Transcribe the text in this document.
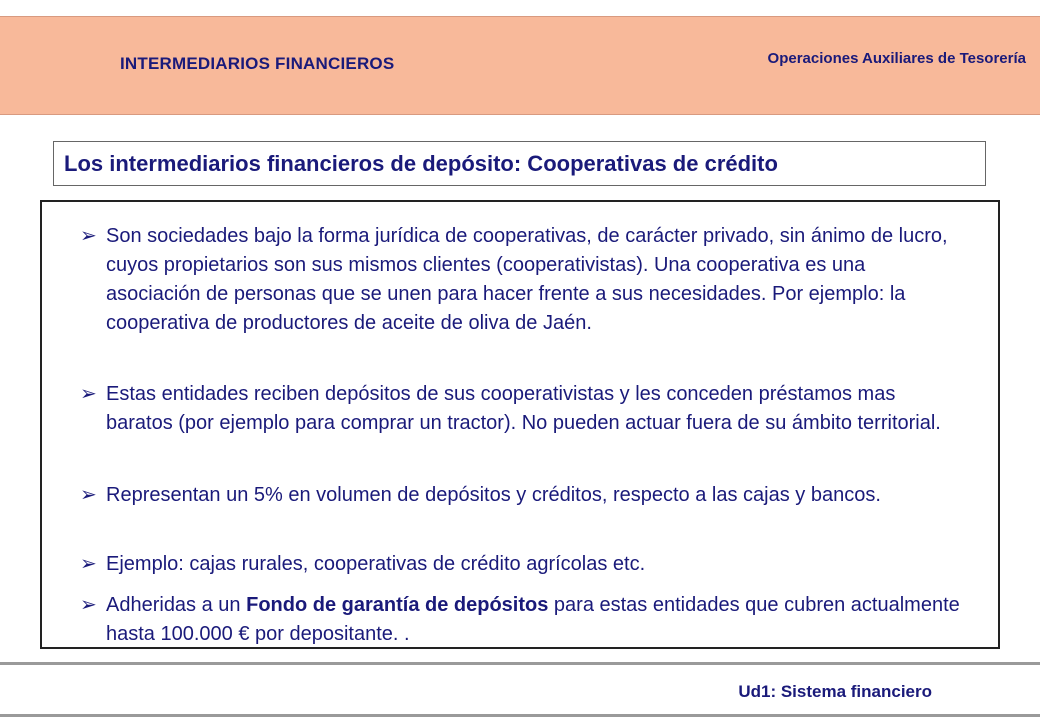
INTERMEDIARIOS FINANCIEROS	Operaciones Auxiliares de Tesorería
Los intermediarios financieros de depósito: Cooperativas de crédito
➢ Son sociedades bajo la forma jurídica de cooperativas, de carácter privado, sin ánimo de lucro, cuyos propietarios son sus mismos clientes (cooperativistas). Una cooperativa es una asociación de personas que se unen para hacer frente a sus necesidades. Por ejemplo: la cooperativa de productores de aceite de oliva de Jaén.
➢ Estas entidades reciben depósitos de sus cooperativistas y les conceden préstamos mas baratos (por ejemplo para comprar un tractor). No pueden actuar fuera de su ámbito territorial.
➢ Representan un 5% en volumen de depósitos y créditos, respecto a las cajas y bancos.
➢ Ejemplo: cajas rurales, cooperativas de crédito agrícolas etc.
➢ Adheridas a un Fondo de garantía de depósitos para estas entidades que cubren actualmente hasta 100.000 € por depositante. .
Ud1: Sistema financiero
